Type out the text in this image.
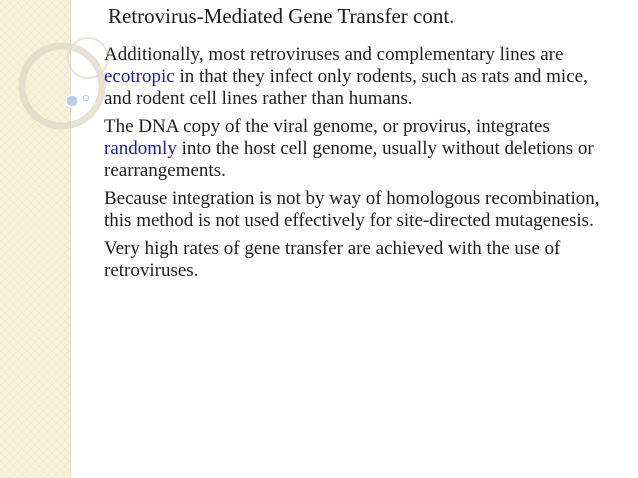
Retrovirus-Mediated Gene Transfer cont.
Additionally, most retroviruses and complementary lines are ecotropic in that they infect only rodents, such as rats and mice, and rodent cell lines rather than humans.
The DNA copy of the viral genome, or provirus, integrates randomly into the host cell genome, usually without deletions or rearrangements.
Because integration is not by way of homologous recombination, this method is not used effectively for site-directed mutagenesis.
Very high rates of gene transfer are achieved with the use of retroviruses.
